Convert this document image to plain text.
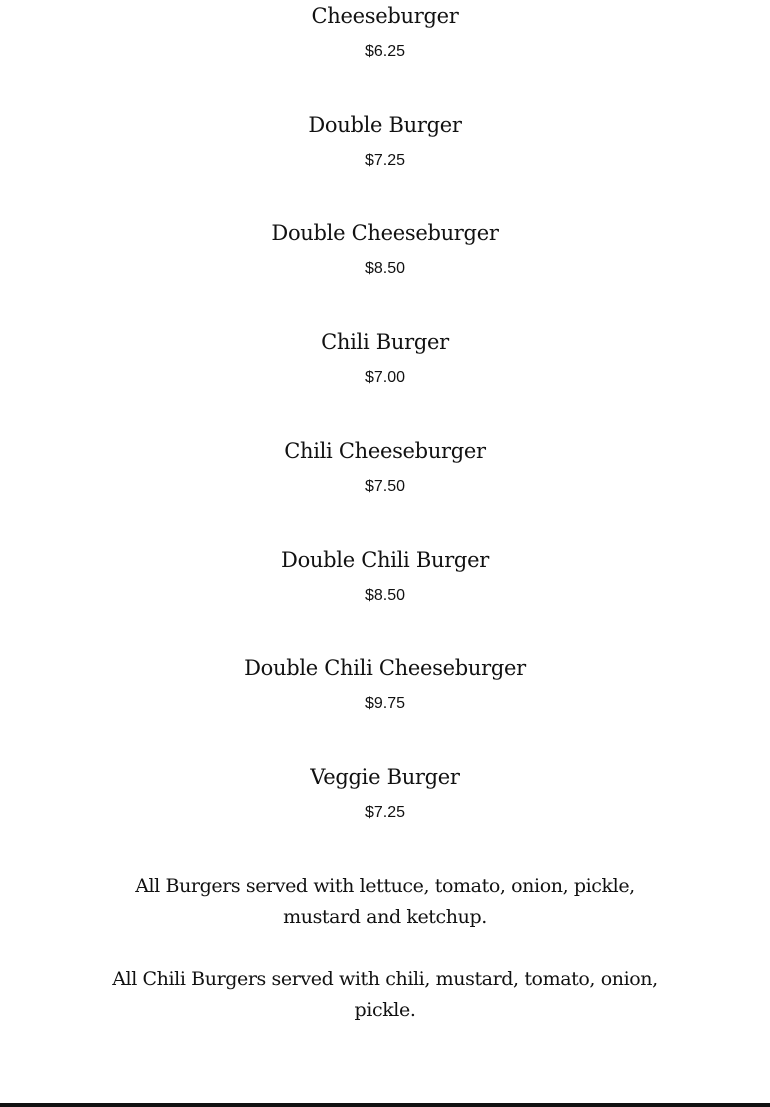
Cheeseburger
$6.25
Double Burger
$7.25
Double Cheeseburger
$8.50
Chili Burger
$7.00
Chili Cheeseburger
$7.50
Double Chili Burger
$8.50
Double Chili Cheeseburger
$9.75
Veggie Burger
$7.25

All Burgers served with lettuce, tomato, onion, pickle, mustard and ketchup.

All Chili Burgers served with chili, mustard, tomato, onion, pickle.
